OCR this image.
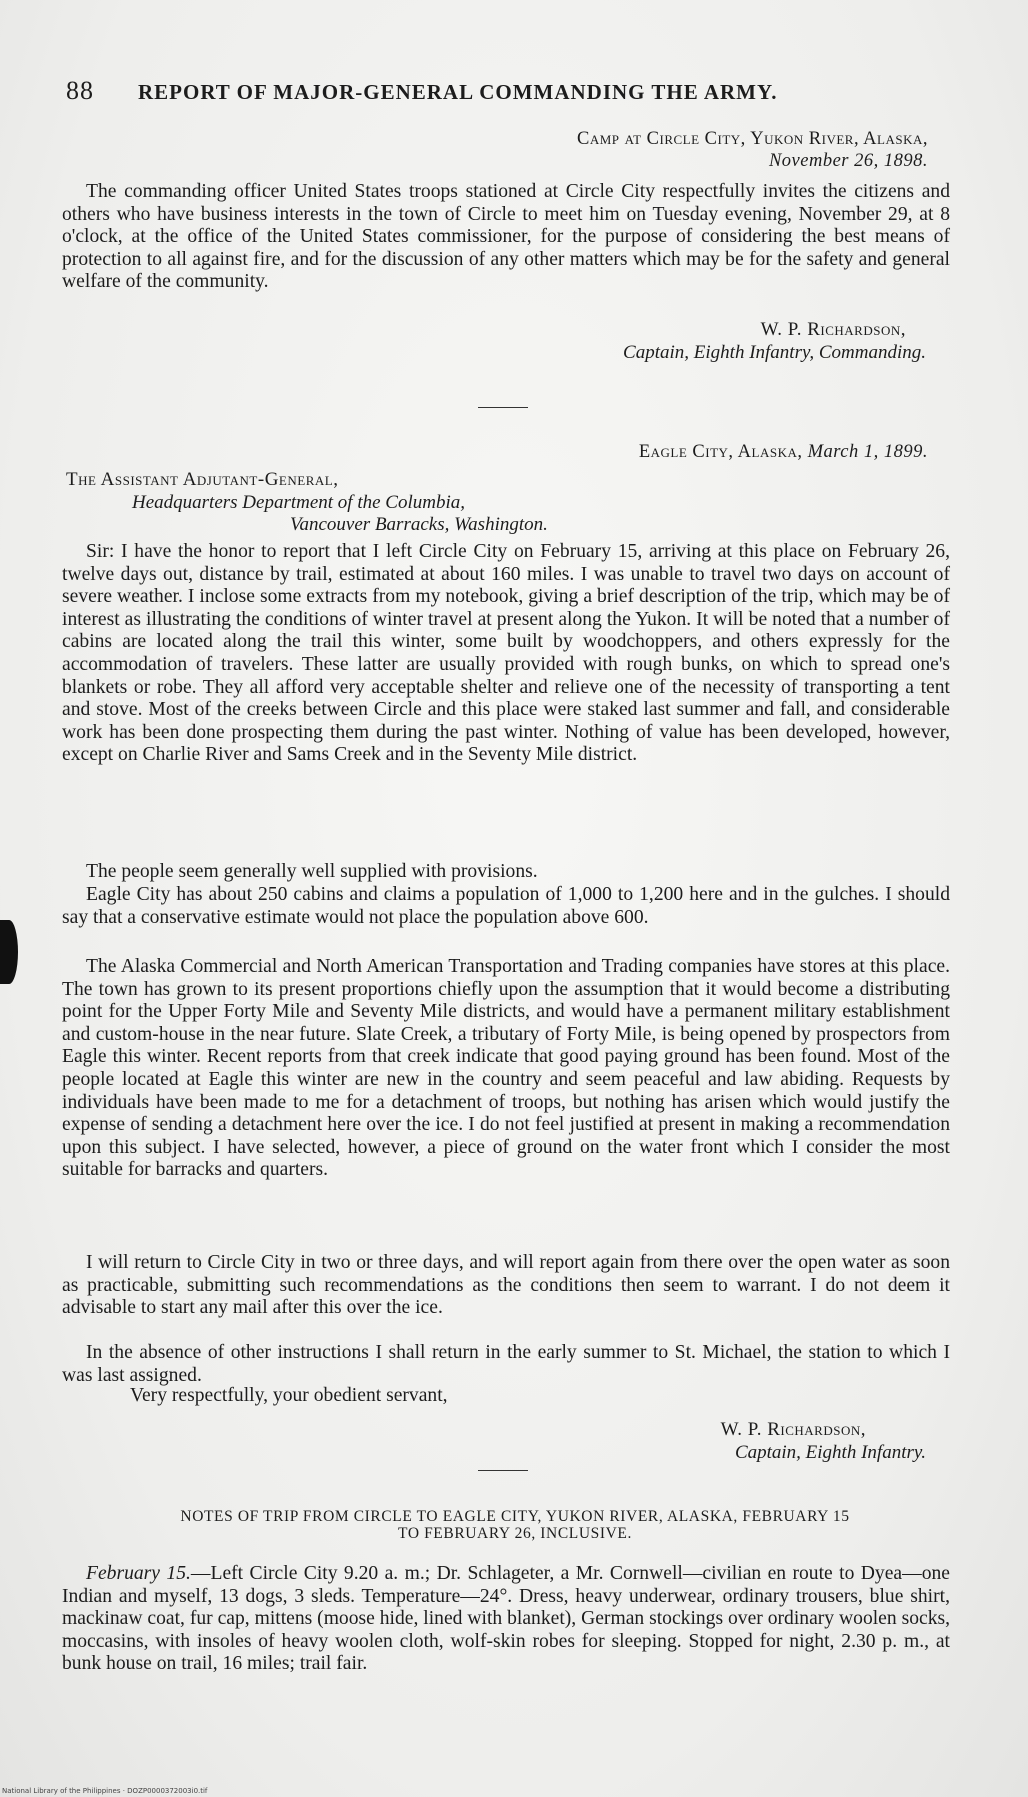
88 REPORT OF MAJOR-GENERAL COMMANDING THE ARMY.
Camp at Circle City, Yukon River, Alaska,
November 26, 1898.
The commanding officer United States troops stationed at Circle City respectfully invites the citizens and others who have business interests in the town of Circle to meet him on Tuesday evening, November 29, at 8 o'clock, at the office of the United States commissioner, for the purpose of considering the best means of protection to all against fire, and for the discussion of any other matters which may be for the safety and general welfare of the community.
W. P. Richardson,
Captain, Eighth Infantry, Commanding.
Eagle City, Alaska, March 1, 1899.
The Assistant Adjutant-General,
Headquarters Department of the Columbia,
Vancouver Barracks, Washington.
Sir: I have the honor to report that I left Circle City on February 15, arriving at this place on February 26, twelve days out, distance by trail, estimated at about 160 miles. I was unable to travel two days on account of severe weather. I inclose some extracts from my notebook, giving a brief description of the trip, which may be of interest as illustrating the conditions of winter travel at present along the Yukon. It will be noted that a number of cabins are located along the trail this winter, some built by woodchoppers, and others expressly for the accommodation of travelers. These latter are usually provided with rough bunks, on which to spread one's blankets or robe. They all afford very acceptable shelter and relieve one of the necessity of transporting a tent and stove. Most of the creeks between Circle and this place were staked last summer and fall, and considerable work has been done prospecting them during the past winter. Nothing of value has been developed, however, except on Charlie River and Sams Creek and in the Seventy Mile district.
The people seem generally well supplied with provisions.
Eagle City has about 250 cabins and claims a population of 1,000 to 1,200 here and in the gulches. I should say that a conservative estimate would not place the population above 600.
The Alaska Commercial and North American Transportation and Trading companies have stores at this place. The town has grown to its present proportions chiefly upon the assumption that it would become a distributing point for the Upper Forty Mile and Seventy Mile districts, and would have a permanent military establishment and custom-house in the near future. Slate Creek, a tributary of Forty Mile, is being opened by prospectors from Eagle this winter. Recent reports from that creek indicate that good paying ground has been found. Most of the people located at Eagle this winter are new in the country and seem peaceful and law abiding. Requests by individuals have been made to me for a detachment of troops, but nothing has arisen which would justify the expense of sending a detachment here over the ice. I do not feel justified at present in making a recommendation upon this subject. I have selected, however, a piece of ground on the water front which I consider the most suitable for barracks and quarters.
I will return to Circle City in two or three days, and will report again from there over the open water as soon as practicable, submitting such recommendations as the conditions then seem to warrant. I do not deem it advisable to start any mail after this over the ice.
In the absence of other instructions I shall return in the early summer to St. Michael, the station to which I was last assigned.
Very respectfully, your obedient servant,
W. P. Richardson,
Captain, Eighth Infantry.
NOTES OF TRIP FROM CIRCLE TO EAGLE CITY, YUKON RIVER, ALASKA, FEBRUARY 15
TO FEBRUARY 26, INCLUSIVE.
February 15.—Left Circle City 9.20 a. m.; Dr. Schlageter, a Mr. Cornwell—civilian en route to Dyea—one Indian and myself, 13 dogs, 3 sleds. Temperature—24°. Dress, heavy underwear, ordinary trousers, blue shirt, mackinaw coat, fur cap, mittens (moose hide, lined with blanket), German stockings over ordinary woolen socks, moccasins, with insoles of heavy woolen cloth, wolf-skin robes for sleeping. Stopped for night, 2.30 p. m., at bunk house on trail, 16 miles; trail fair.
National Library of the Philippines · DOZP0000372003i0.tif
